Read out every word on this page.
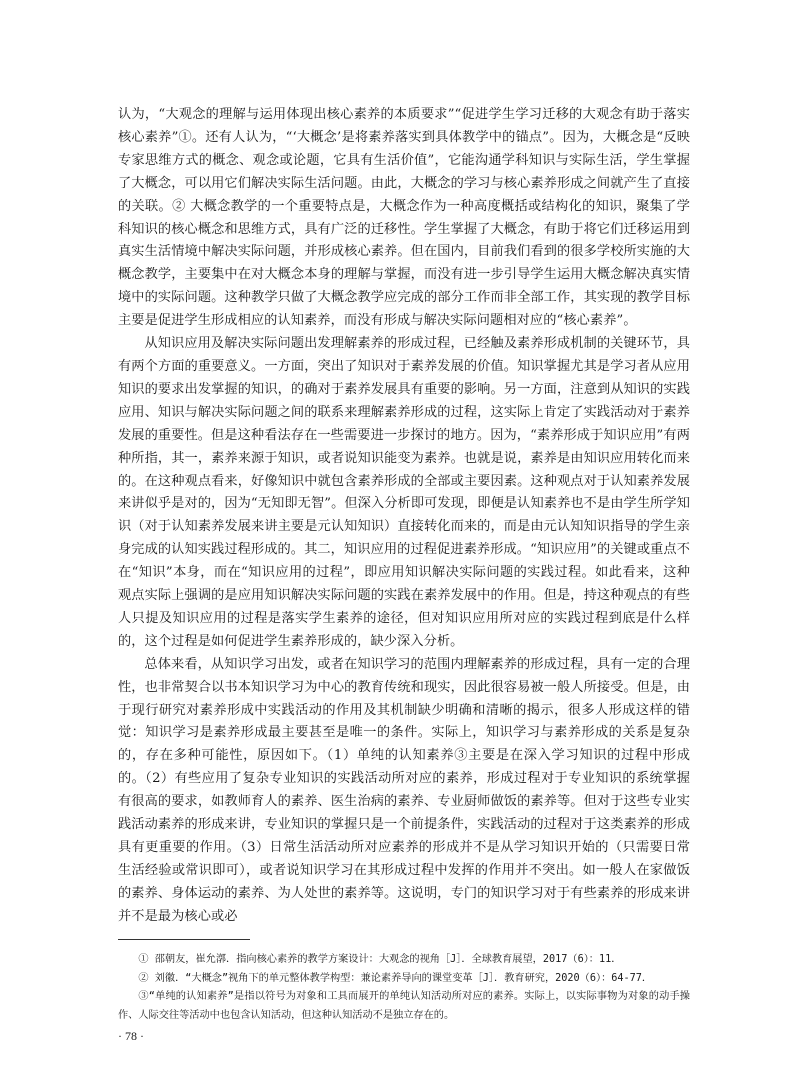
认为，“大观念的理解与运用体现出核心素养的本质要求”“促进学生学习迁移的大观念有助于落实核心素养”①。还有人认为，“‘大概念’是将素养落实到具体教学中的锚点”。因为，大概念是“反映专家思维方式的概念、观念或论题，它具有生活价值”，它能沟通学科知识与实际生活，学生掌握了大概念，可以用它们解决实际生活问题。由此，大概念的学习与核心素养形成之间就产生了直接的关联。② 大概念教学的一个重要特点是，大概念作为一种高度概括或结构化的知识，聚集了学科知识的核心概念和思维方式，具有广泛的迁移性。学生掌握了大概念，有助于将它们迁移运用到真实生活情境中解决实际问题，并形成核心素养。但在国内，目前我们看到的很多学校所实施的大概念教学，主要集中在对大概念本身的理解与掌握，而没有进一步引导学生运用大概念解决真实情境中的实际问题。这种教学只做了大概念教学应完成的部分工作而非全部工作，其实现的教学目标主要是促进学生形成相应的认知素养，而没有形成与解决实际问题相对应的“核心素养”。

从知识应用及解决实际问题出发理解素养的形成过程，已经触及素养形成机制的关键环节，具有两个方面的重要意义。一方面，突出了知识对于素养发展的价值。知识掌握尤其是学习者从应用知识的要求出发掌握的知识，的确对于素养发展具有重要的影响。另一方面，注意到从知识的实践应用、知识与解决实际问题之间的联系来理解素养形成的过程，这实际上肯定了实践活动对于素养发展的重要性。但是这种看法存在一些需要进一步探讨的地方。因为，“素养形成于知识应用”有两种所指，其一，素养来源于知识，或者说知识能变为素养。也就是说，素养是由知识应用转化而来的。在这种观点看来，好像知识中就包含素养形成的全部或主要因素。这种观点对于认知素养发展来讲似乎是对的，因为“无知即无智”。但深入分析即可发现，即便是认知素养也不是由学生所学知识（对于认知素养发展来讲主要是元认知知识）直接转化而来的，而是由元认知知识指导的学生亲身完成的认知实践过程形成的。其二，知识应用的过程促进素养形成。“知识应用”的关键或重点不在“知识”本身，而在“知识应用的过程”，即应用知识解决实际问题的实践过程。如此看来，这种观点实际上强调的是应用知识解决实际问题的实践在素养发展中的作用。但是，持这种观点的有些人只提及知识应用的过程是落实学生素养的途径，但对知识应用所对应的实践过程到底是什么样的，这个过程是如何促进学生素养形成的，缺少深入分析。

总体来看，从知识学习出发，或者在知识学习的范围内理解素养的形成过程，具有一定的合理性，也非常契合以书本知识学习为中心的教育传统和现实，因此很容易被一般人所接受。但是，由于现行研究对素养形成中实践活动的作用及其机制缺少明确和清晰的揭示，很多人形成这样的错觉：知识学习是素养形成最主要甚至是唯一的条件。实际上，知识学习与素养形成的关系是复杂的，存在多种可能性，原因如下。（1）单纯的认知素养③主要是在深入学习知识的过程中形成的。（2）有些应用了复杂专业知识的实践活动所对应的素养，形成过程对于专业知识的系统掌握有很高的要求，如教师育人的素养、医生治病的素养、专业厨师做饭的素养等。但对于这些专业实践活动素养的形成来讲，专业知识的掌握只是一个前提条件，实践活动的过程对于这类素养的形成具有更重要的作用。（3）日常生活活动所对应素养的形成并不是从学习知识开始的（只需要日常生活经验或常识即可），或者说知识学习在其形成过程中发挥的作用并不突出。如一般人在家做饭的素养、身体运动的素养、为人处世的素养等。这说明，专门的知识学习对于有些素养的形成来讲并不是最为核心或必

① 邵朝友，崔允漷．指向核心素养的教学方案设计：大观念的视角［J］．全球教育展望，2017（6）：11．

② 刘徽．“大概念”视角下的单元整体教学构型：兼论素养导向的课堂变革［J］．教育研究，2020（6）：64-77．

③“单纯的认知素养”是指以符号为对象和工具而展开的单纯认知活动所对应的素养。实际上，以实际事物为对象的动手操作、人际交往等活动中也包含认知活动，但这种认知活动不是独立存在的。

· 78 ·
